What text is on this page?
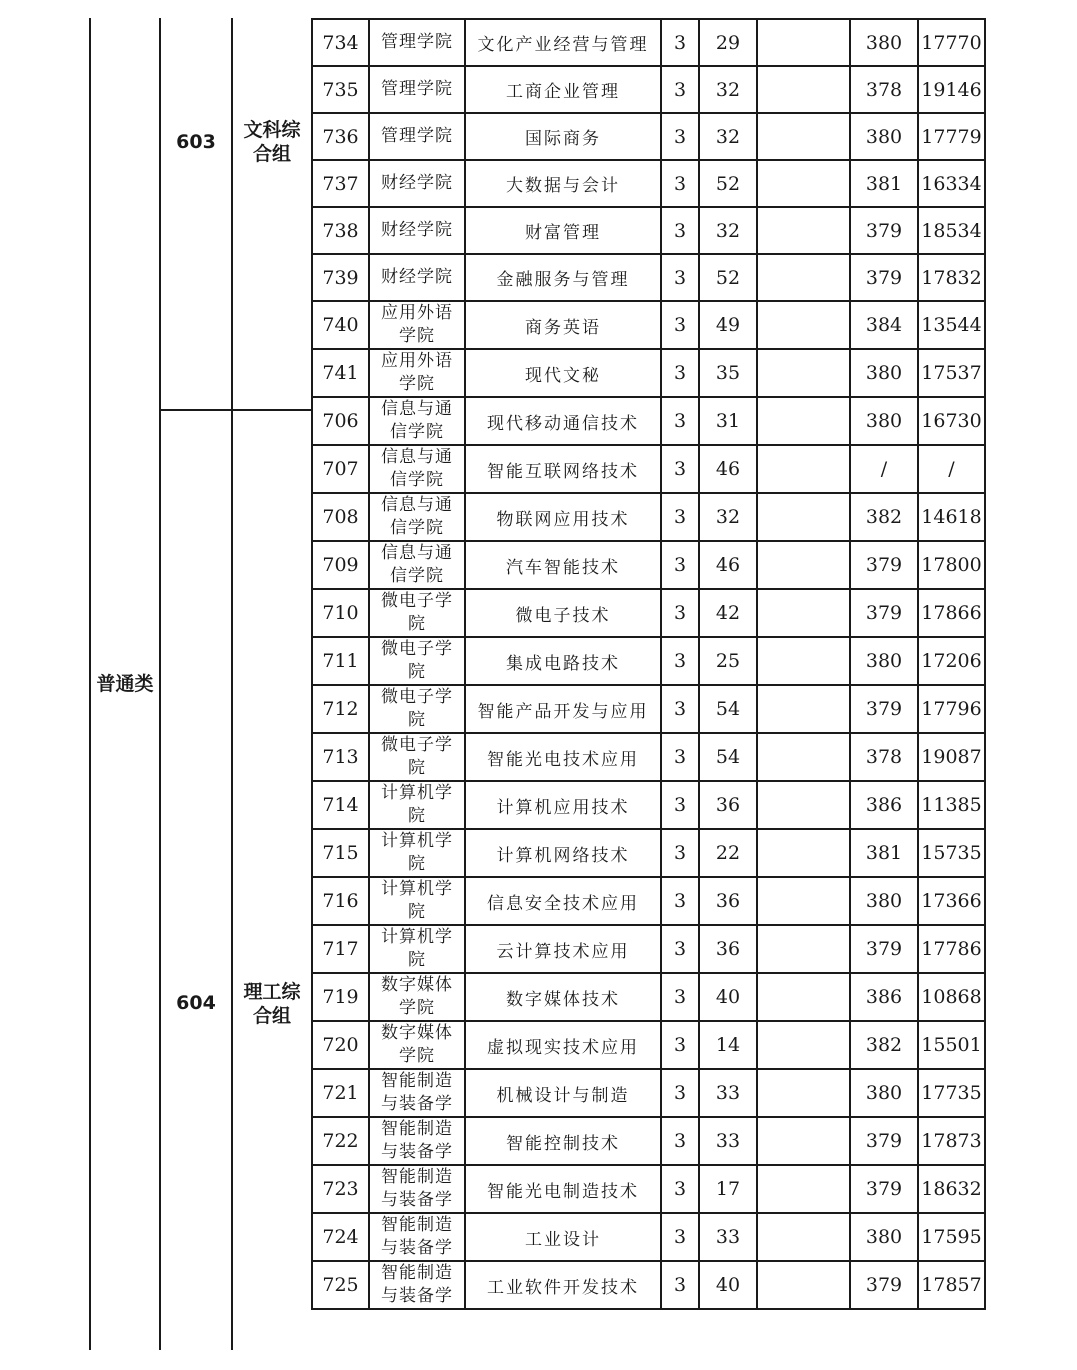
普通类
603
文科综合组
604	理工综合组
734	管理学院	文化产业经营与管理	3	29		380	17770
735	管理学院	工商企业管理	3	32		378	19146
736	管理学院	国际商务	3	32		380	17779
737	财经学院	大数据与会计	3	52		381	16334
738	财经学院	财富管理	3	32		379	18534
739	财经学院	金融服务与管理	3	52		379	17832
740	应用外语学院	商务英语	3	49		384	13544
741	应用外语学院	现代文秘	3	35		380	17537
706	信息与通信学院	现代移动通信技术	3	31		380	16730
707	信息与通信学院	智能互联网络技术	3	46		/	/
708	信息与通信学院	物联网应用技术	3	32		382	14618
709	信息与通信学院	汽车智能技术	3	46		379	17800
710	微电子学院	微电子技术	3	42		379	17866
711	微电子学院	集成电路技术	3	25		380	17206
712	微电子学院	智能产品开发与应用	3	54		379	17796
713	微电子学院	智能光电技术应用	3	54		378	19087
714	计算机学院	计算机应用技术	3	36		386	11385
715	计算机学院	计算机网络技术	3	22		381	15735
716	计算机学院	信息安全技术应用	3	36		380	17366
717	计算机学院	云计算技术应用	3	36		379	17786
719	数字媒体学院	数字媒体技术	3	40		386	10868
720	数字媒体学院	虚拟现实技术应用	3	14		382	15501
721	智能制造与装备学	机械设计与制造	3	33		380	17735
722	智能制造与装备学	智能控制技术	3	33		379	17873
723	智能制造与装备学	智能光电制造技术	3	17		379	18632
724	智能制造与装备学	工业设计	3	33		380	17595
725	智能制造与装备学	工业软件开发技术	3	40		379	17857
